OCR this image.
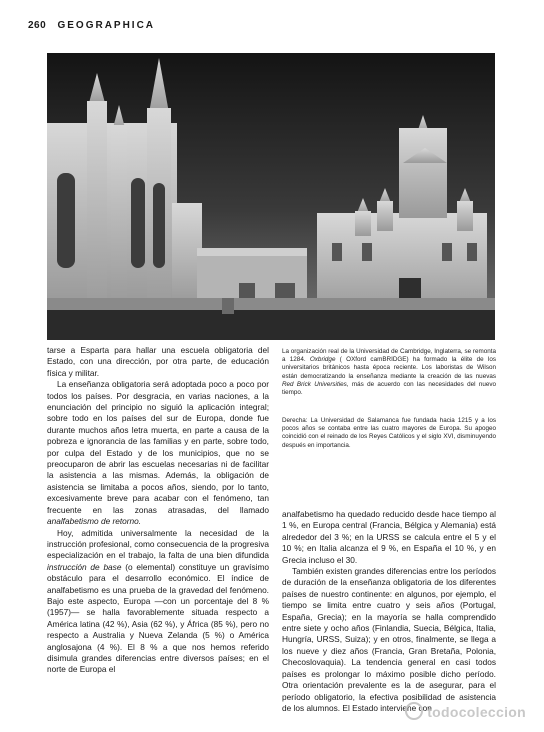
260 GEOGRAPHICA

tarse a Esparta para hallar una escuela obligatoria del Estado, con una dirección, por otra parte, de educación física y militar.

La enseñanza obligatoria será adoptada poco a poco por todos los países. Por desgracia, en varias naciones, a la enunciación del principio no siguió la aplicación integral; sobre todo en los países del sur de Europa, donde fue durante muchos años letra muerta, en parte a causa de la pobreza e ignorancia de las familias y en parte, sobre todo, por culpa del Estado y de los municipios, que no se preocuparon de abrir las escuelas necesarias ni de facilitar la asistencia a las mismas. Además, la obligación de asistencia se limitaba a pocos años, siendo, por lo tanto, excesivamente breve para acabar con el fenómeno, tan frecuente en las zonas atrasadas, del llamado analfabetismo de retorno.

Hoy, admitida universalmente la necesidad de la instrucción profesional, como consecuencia de la progresiva especialización en el trabajo, la falta de una bien difundida instrucción de base (o elemental) constituye un gravísimo obstáculo para el desarrollo económico. El índice de analfabetismo es una prueba de la gravedad del fenómeno. Bajo este aspecto, Europa —con un porcentaje del 8 % (1957)— se halla favorablemente situada respecto a América latina (42 %), Asia (62 %), y África (85 %), pero no respecto a Australia y Nueva Zelanda (5 %) o América anglosajona (4 %). El 8 % a que nos hemos referido disimula grandes diferencias entre diversos países; en el norte de Europa el

La organización real de la Universidad de Cambridge, Inglaterra, se remonta a 1284. Oxbridge ( OXford camBRIDGE) ha formado la élite de los universitarios británicos hasta época reciente. Los laboristas de Wilson están democratizando la enseñanza mediante la creación de las nuevas Red Brick Universities, más de acuerdo con las necesidades del nuevo tiempo.
Derecha: La Universidad de Salamanca fue fundada hacia 1215 y a los pocos años se contaba entre las cuatro mayores de Europa. Su apogeo coincidió con el reinado de los Reyes Católicos y el siglo XVI, disminuyendo después en importancia.

analfabetismo ha quedado reducido desde hace tiempo al 1 %, en Europa central (Francia, Bélgica y Alemania) está alrededor del 3 %; en la URSS se calcula entre el 5 y el 10 %; en Italia alcanza el 9 %, en España el 10 %, y en Grecia incluso el 30.

También existen grandes diferencias entre los períodos de duración de la enseñanza obligatoria de los diferentes países de nuestro continente: en algunos, por ejemplo, el tiempo se limita entre cuatro y seis años (Portugal, España, Grecia); en la mayoría se halla comprendido entre siete y ocho años (Finlandia, Suecia, Bélgica, Italia, Hungría, URSS, Suiza); y en otros, finalmente, se llega a los nueve y diez años (Francia, Gran Bretaña, Polonia, Checoslovaquia). La tendencia general en casi todos países es prolongar lo máximo posible dicho período. Otra orientación prevalente es la de asegurar, para el período obligatorio, la efectiva posibilidad de asistencia de los alumnos. El Estado interviene con

todocoleccion
